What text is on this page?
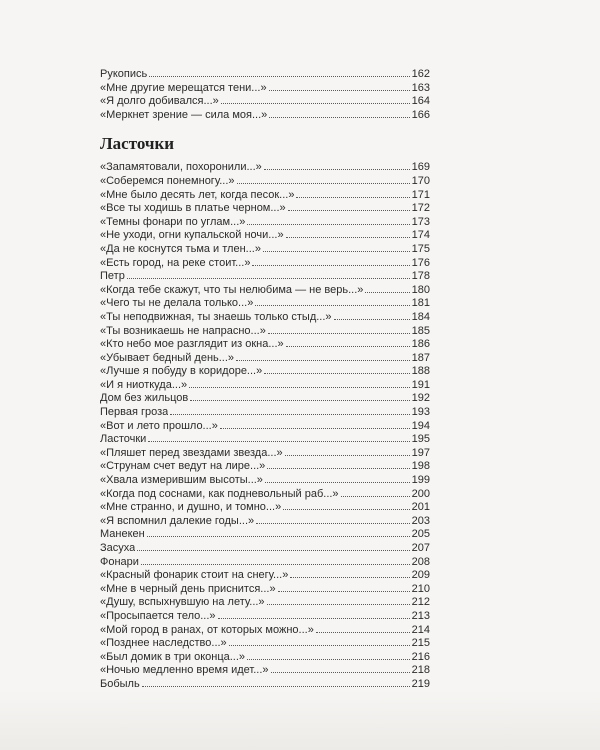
Рукопись	162
«Мне другие мерещатся тени...»	163
«Я долго добивался...»	164
«Меркнет зрение — сила моя...»	166
Ласточки
«Запамятовали, похоронили...»	169
«Соберемся понемногу...»	170
«Мне было десять лет, когда песок...»	171
«Все ты ходишь в платье черном...»	172
«Темны фонари по углам...»	173
«Не уходи, огни купальской ночи...»	174
«Да не коснутся тьма и тлен...»	175
«Есть город, на реке стоит...»	176
Петр	178
«Когда тебе скажут, что ты нелюбима — не верь...»	180
«Чего ты не делала только...»	181
«Ты неподвижная, ты знаешь только стыд...»	184
«Ты возникаешь не напрасно...»	185
«Кто небо мое разглядит из окна...»	186
«Убывает бедный день...»	187
«Лучше я побуду в коридоре...»	188
«И я ниоткуда...»	191
Дом без жильцов	192
Первая гроза	193
«Вот и лето прошло...»	194
Ласточки	195
«Пляшет перед звездами звезда...»	197
«Струнам счет ведут на лире...»	198
«Хвала измерившим высоты...»	199
«Когда под соснами, как подневольный раб...»	200
«Мне странно, и душно, и томно...»	201
«Я вспомнил далекие годы...»	203
Манекен	205
Засуха	207
Фонари	208
«Красный фонарик стоит на снегу...»	209
«Мне в черный день приснится...»	210
«Душу, вспыхнувшую на лету...»	212
«Просыпается тело...»	213
«Мой город в ранах, от которых можно...»	214
«Позднее наследство...»	215
«Был домик в три оконца...»	216
«Ночью медленно время идет...»	218
Бобыль	219
